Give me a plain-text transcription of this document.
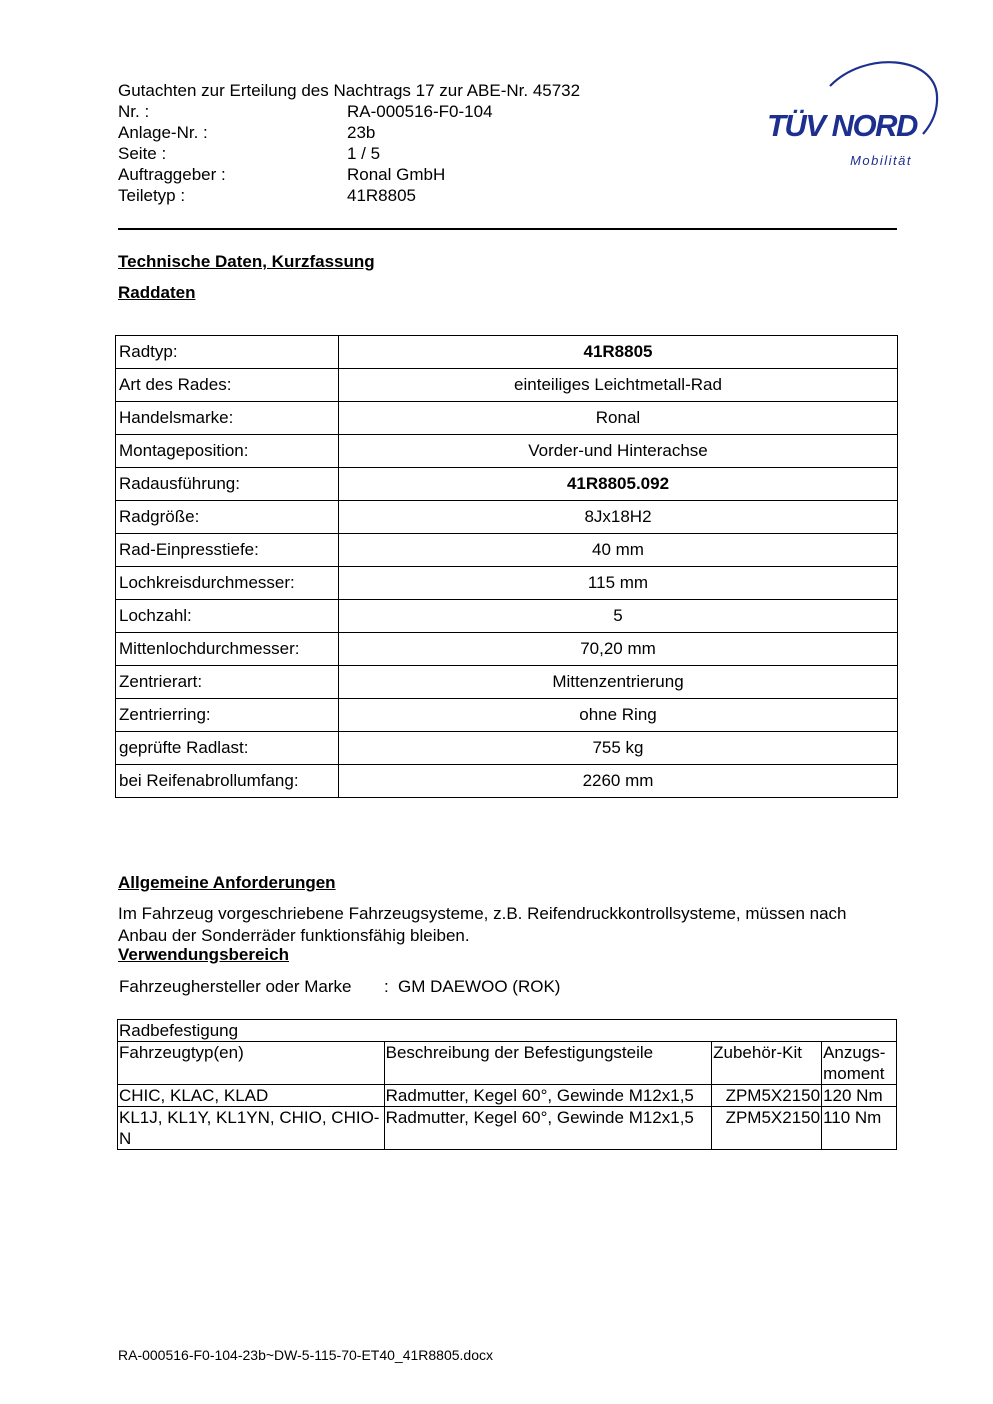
Gutachten zur Erteilung des Nachtrags 17 zur ABE-Nr. 45732
Nr. :	RA-000516-F0-104
Anlage-Nr. :	23b
Seite :	1 / 5
Auftraggeber :	Ronal GmbH
Teiletyp :	41R8805
TÜV NORD
Mobilität
Technische Daten, Kurzfassung
Raddaten
Radtyp:	41R8805
Art des Rades:	einteiliges Leichtmetall-Rad
Handelsmarke:	Ronal
Montageposition:	Vorder-und Hinterachse
Radausführung:	41R8805.092
Radgröße:	8Jx18H2
Rad-Einpresstiefe:	40 mm
Lochkreisdurchmesser:	115 mm
Lochzahl:	5
Mittenlochdurchmesser:	70,20 mm
Zentrierart:	Mittenzentrierung
Zentrierring:	ohne Ring
geprüfte Radlast:	755 kg
bei Reifenabrollumfang:	2260 mm
Allgemeine Anforderungen
Im Fahrzeug vorgeschriebene Fahrzeugsysteme, z.B. Reifendruckkontrollsysteme, müssen nach Anbau der Sonderräder funktionsfähig bleiben.
Verwendungsbereich
Fahrzeughersteller oder Marke : GM DAEWOO (ROK)
Radbefestigung			
Fahrzeugtyp(en)	Beschreibung der Befestigungsteile	Zubehör-Kit	Anzugs-moment
CHIC, KLAC, KLAD	Radmutter, Kegel 60°, Gewinde M12x1,5	ZPM5X2150	120 Nm
KL1J, KL1Y, KL1YN, CHIO, CHIO-N	Radmutter, Kegel 60°, Gewinde M12x1,5	ZPM5X2150	110 Nm
RA-000516-F0-104-23b~DW-5-115-70-ET40_41R8805.docx
